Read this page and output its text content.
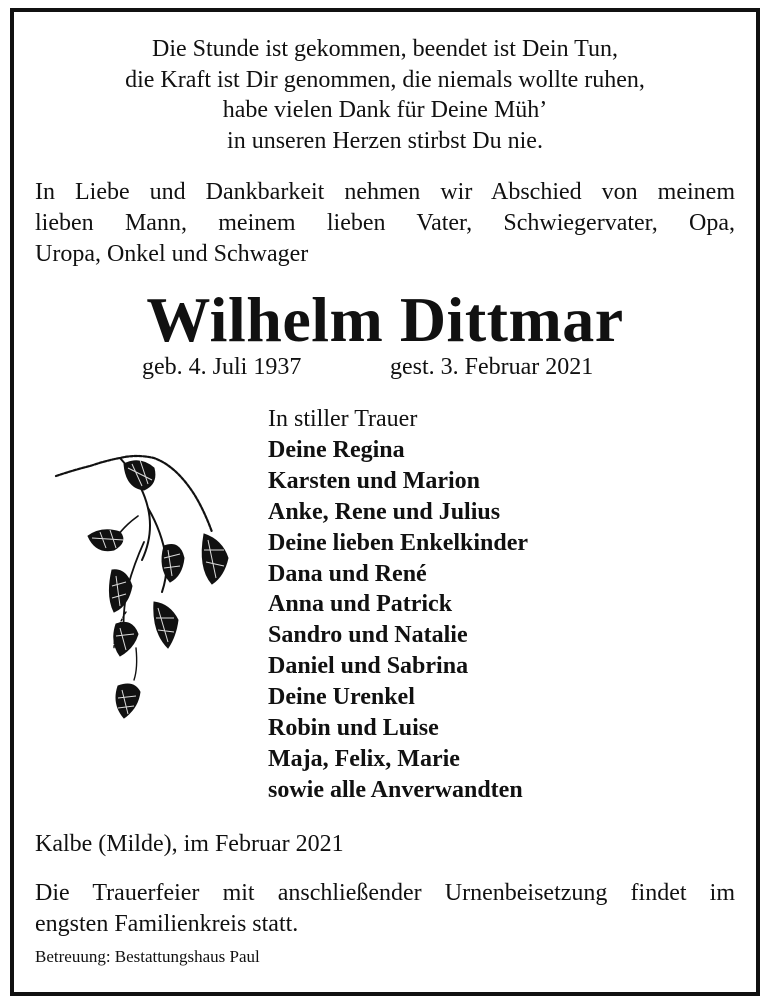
Die Stunde ist gekommen, beendet ist Dein Tun,
die Kraft ist Dir genommen, die niemals wollte ruhen,
habe vielen Dank für Deine Müh’
in unseren Herzen stirbst Du nie.
In Liebe und Dankbarkeit nehmen wir Abschied von meinem
lieben Mann, meinem lieben Vater, Schwiegervater, Opa,
Uropa, Onkel und Schwager
Wilhelm Dittmar
geb. 4. Juli 1937	gest. 3. Februar 2021
In stiller Trauer
Deine Regina
Karsten und Marion
Anke, Rene und Julius
Deine lieben Enkelkinder
Dana und René
Anna und Patrick
Sandro und Natalie
Daniel und Sabrina
Deine Urenkel
Robin und Luise
Maja, Felix, Marie
sowie alle Anverwandten
Kalbe (Milde), im Februar 2021
Die Trauerfeier mit anschließender Urnenbeisetzung findet im
engsten Familienkreis statt.
Betreuung: Bestattungshaus Paul
